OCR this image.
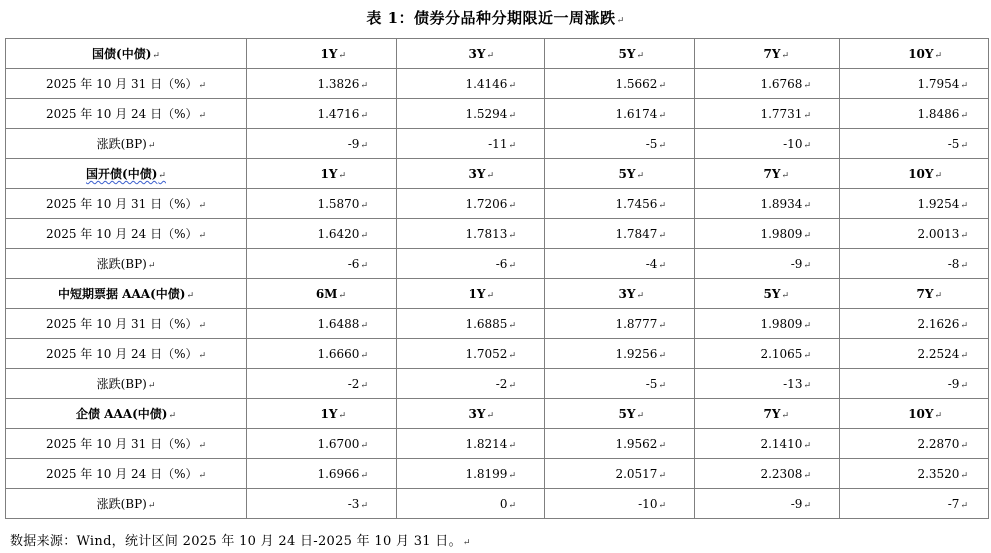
表 1：债券分品种分期限近一周涨跌 ↵
国债(中债) ↵	1Y ↵	3Y ↵	5Y ↵	7Y ↵	10Y ↵
2025 年 10 月 31 日（%） ↵	1.3826 ↵	1.4146 ↵	1.5662 ↵	1.6768 ↵	1.7954 ↵
2025 年 10 月 24 日（%） ↵	1.4716 ↵	1.5294 ↵	1.6174 ↵	1.7731 ↵	1.8486 ↵
涨跌(BP) ↵	-9 ↵	-11 ↵	-5 ↵	-10 ↵	-5 ↵
国开债(中债) ↵	1Y ↵	3Y ↵	5Y ↵	7Y ↵	10Y ↵
2025 年 10 月 31 日（%） ↵	1.5870 ↵	1.7206 ↵	1.7456 ↵	1.8934 ↵	1.9254 ↵
2025 年 10 月 24 日（%） ↵	1.6420 ↵	1.7813 ↵	1.7847 ↵	1.9809 ↵	2.0013 ↵
涨跌(BP) ↵	-6 ↵	-6 ↵	-4 ↵	-9 ↵	-8 ↵
中短期票据 AAA(中债) ↵	6M ↵	1Y ↵	3Y ↵	5Y ↵	7Y ↵
2025 年 10 月 31 日（%） ↵	1.6488 ↵	1.6885 ↵	1.8777 ↵	1.9809 ↵	2.1626 ↵
2025 年 10 月 24 日（%） ↵	1.6660 ↵	1.7052 ↵	1.9256 ↵	2.1065 ↵	2.2524 ↵
涨跌(BP) ↵	-2 ↵	-2 ↵	-5 ↵	-13 ↵	-9 ↵
企债 AAA(中债) ↵	1Y ↵	3Y ↵	5Y ↵	7Y ↵	10Y ↵
2025 年 10 月 31 日（%） ↵	1.6700 ↵	1.8214 ↵	1.9562 ↵	2.1410 ↵	2.2870 ↵
2025 年 10 月 24 日（%） ↵	1.6966 ↵	1.8199 ↵	2.0517 ↵	2.2308 ↵	2.3520 ↵
涨跌(BP) ↵	-3 ↵	0 ↵	-10 ↵	-9 ↵	-7 ↵
数据来源：Wind，统计区间 2025 年 10 月 24 日-2025 年 10 月 31 日。 ↵
